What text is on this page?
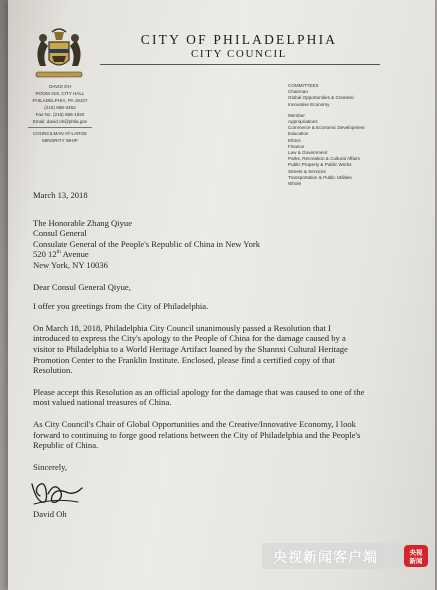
CITY OF PHILADELPHIA
CITY COUNCIL
DAVID OH
ROOM 319, CITY HALL
PHILADELPHIA, PA 19107
(215) 686-3452
Fax No. (215) 686-1920
Email: david.oh@phila.gov
COUNCILMAN AT-LARGE
MINORITY WHIP
COMMITTEES
Chairman
Global Opportunities & Creative/
Innovative Economy
Member
Appropriations
Commerce & Economic Development
Education
Ethics
Finance
Law & Government
Parks, Recreation & Cultural Affairs
Public Property & Public Works
Streets & Services
Transportation & Public Utilities
Whole
March 13, 2018
The Honorable Zhang Qiyue
Consul General
Consulate General of the People's Republic of China in New York
520 12th Avenue
New York, NY 10036
Dear Consul General Qiyue,
I offer you greetings from the City of Philadelphia.
On March 18, 2018, Philadelphia City Council unanimously passed a Resolution that I
introduced to express the City's apology to the People of China for the damage caused by a
visitor to Philadelphia to a World Heritage Artifact loaned by the Shannxi Cultural Heritage
Promotion Center to the Franklin Institute. Enclosed, please find a certified copy of that
Resolution.
Please accept this Resolution as an official apology for the damage that was caused to one of the
most valued national treasures of China.
As City Council's Chair of Global Opportunities and the Creative/Innovative Economy, I look
forward to continuing to forge good relations between the City of Philadelphia and the People's
Republic of China.
Sincerely,
David Oh
央视新闻客户端	央视
新闻
